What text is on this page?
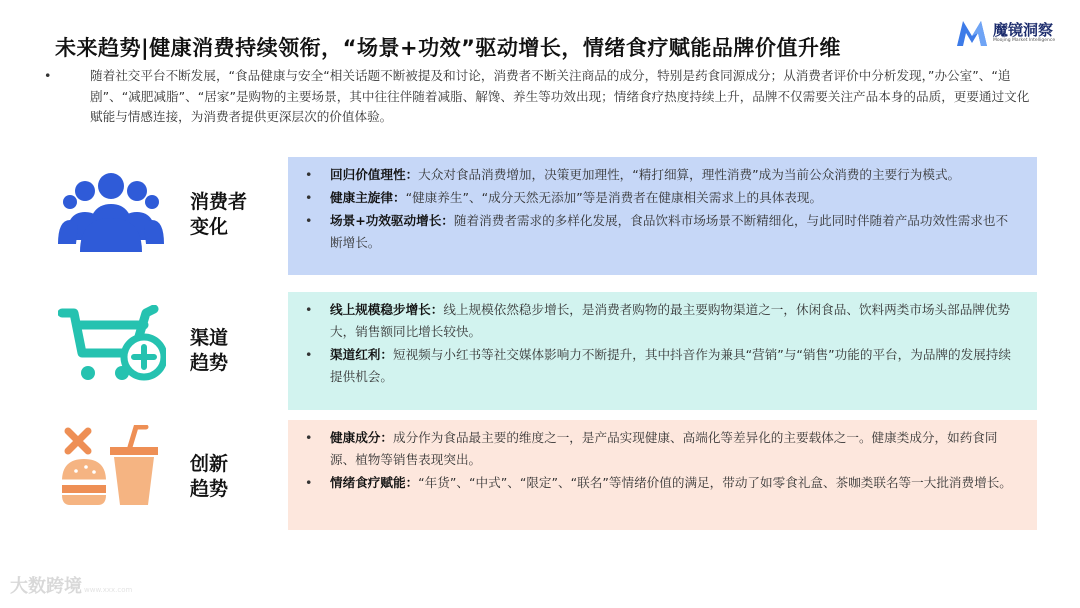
未来趋势|健康消费持续领衔，“场景+功效”驱动增长，情绪食疗赋能品牌价值升维
魔镜洞察
Moojing Market Intelligence
•	随着社交平台不断发展，“食品健康与安全“相关话题不断被提及和讨论，消费者不断关注商品的成分，特别是药食同源成分；从消费者评价中分析发现，”办公室”、“追剧”、“减肥减脂”、“居家”是购物的主要场景，其中往往伴随着减脂、解馋、养生等功效出现；情绪食疗热度持续上升，品牌不仅需要关注产品本身的品质，更要通过文化赋能与情感连接，为消费者提供更深层次的价值体验。
消费者
变化
• 回归价值理性：大众对食品消费增加，决策更加理性，“精打细算，理性消费”成为当前公众消费的主要行为模式。
• 健康主旋律：“健康养生”、“成分天然无添加”等是消费者在健康相关需求上的具体表现。
• 场景+功效驱动增长：随着消费者需求的多样化发展，食品饮料市场场景不断精细化，与此同时伴随着产品功效性需求也不断增长。
渠道
趋势
• 线上规模稳步增长：线上规模依然稳步增长，是消费者购物的最主要购物渠道之一，休闲食品、饮料两类市场头部品牌优势大，销售额同比增长较快。
• 渠道红利：短视频与小红书等社交媒体影响力不断提升，其中抖音作为兼具“营销”与“销售”功能的平台，为品牌的发展持续提供机会。
创新
趋势
• 健康成分：成分作为食品最主要的维度之一，是产品实现健康、高端化等差异化的主要载体之一。健康类成分，如药食同源、植物等销售表现突出。
• 情绪食疗赋能：“年货”、“中式”、“限定”、“联名”等情绪价值的满足，带动了如零食礼盒、茶咖类联名等一大批消费增长。
大数跨境 www.xxx.com
